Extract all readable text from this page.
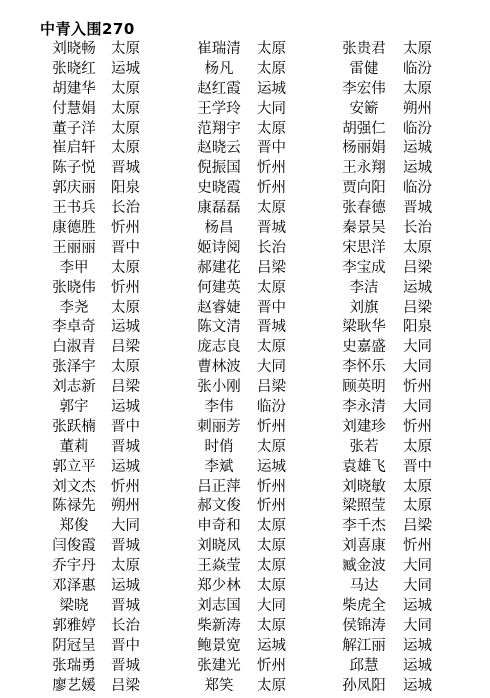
中青入围270
刘晓畅	太原	崔瑞清	太原	张贵君	太原
张晓红	运城	杨凡	太原	雷健	临汾
胡建华	太原	赵红霞	运城	李宏伟	太原
付慧娟	太原	王学玲	大同	安簖	朔州
董子洋	太原	范翔宇	太原	胡强仁	临汾
崔启轩	太原	赵晓云	晋中	杨丽娟	运城
陈子悦	晋城	倪振国	忻州	王永翔	运城
郭庆丽	阳泉	史晓霞	忻州	贾向阳	临汾
王书兵	长治	康磊磊	太原	张春德	晋城
康德胜	忻州	杨昌	晋城	秦景吴	长治
王丽丽	晋中	姬诗阅	长治	宋思洋	太原
李甲	太原	郝建花	吕梁	李宝成	吕梁
张晓伟	忻州	何建英	太原	李洁	运城
李尧	太原	赵睿婕	晋中	刘旗	吕梁
李卓奇	运城	陈文清	晋城	梁耿华	阳泉
白淑青	吕梁	庞志良	太原	史嘉盛	大同
张泽宇	太原	曹林波	大同	李怀乐	大同
刘志新	吕梁	张小刚	吕梁	顾英明	忻州
郭宇	运城	李伟	临汾	李永清	大同
张跃楠	晋中	刺丽芳	忻州	刘建珍	忻州
董莉	晋城	时俏	太原	张若	太原
郭立平	运城	李斌	运城	袁雄飞	晋中
刘文杰	忻州	吕正萍	忻州	刘晓敏	太原
陈禄先	朔州	郝文俊	忻州	梁照莹	太原
郑俊	大同	申奇和	太原	李千杰	吕梁
闫俊霞	晋城	刘晓凤	太原	刘喜康	忻州
乔宇丹	太原	王焱莹	太原	臧金波	大同
邓泽惠	运城	郑少林	太原	马达	大同
梁晓	晋城	刘志国	大同	柴虎全	运城
郭雅婷	长治	柴新涛	太原	侯锦涛	大同
阴冠呈	晋中	鲍景宽	运城	解江丽	运城
张瑞勇	晋城	张建光	忻州	邱慧	运城
廖艺媛	吕梁	郑笑	太原	孙凤阳	运城
